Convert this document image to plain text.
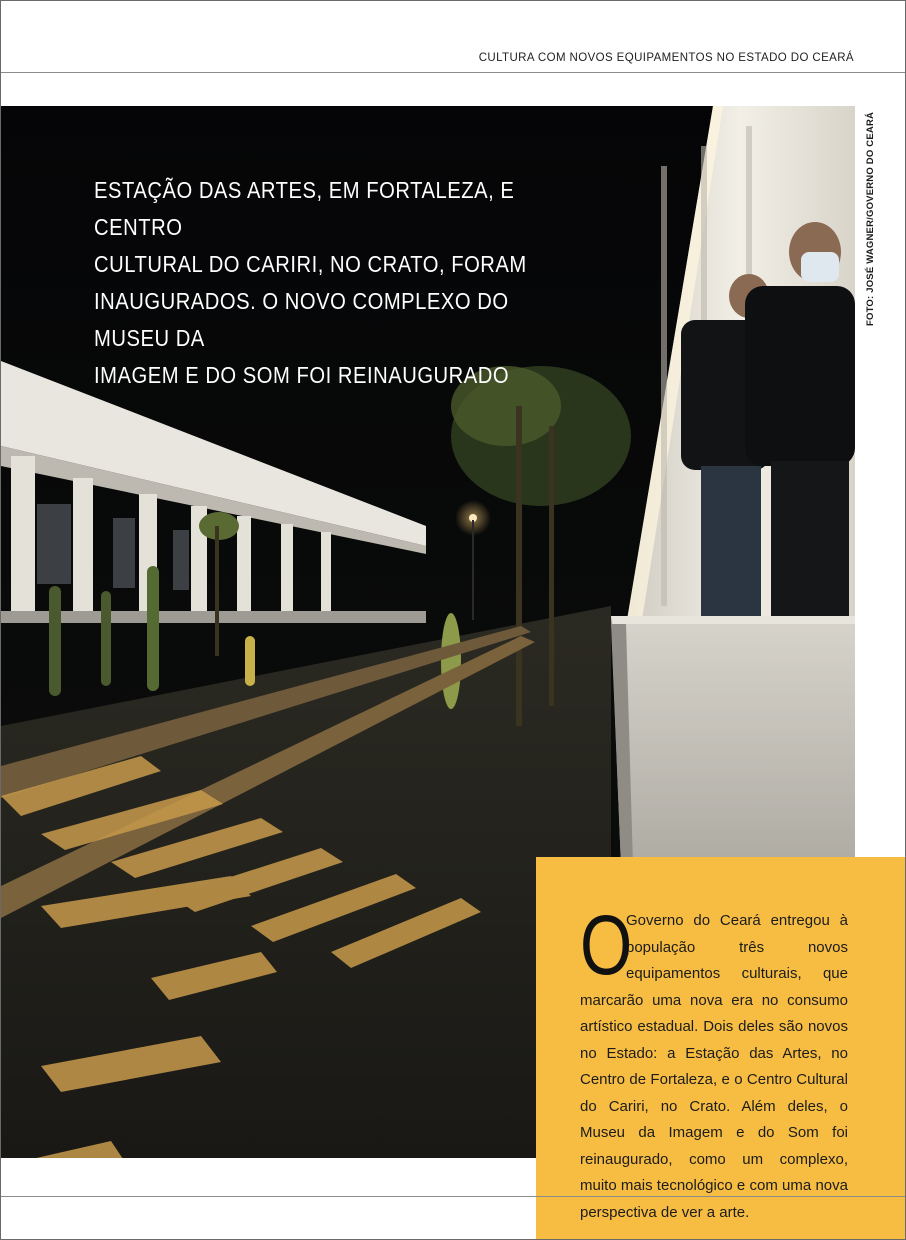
CULTURA COM NOVOS EQUIPAMENTOS NO ESTADO DO CEARÁ
FOTO: JOSÉ WAGNER/GOVERNO DO CEARÁ
ESTAÇÃO DAS ARTES, EM FORTALEZA, E CENTRO
CULTURAL DO CARIRI, NO CRATO, FORAM
INAUGURADOS. O NOVO COMPLEXO DO MUSEU DA
IMAGEM E DO SOM FOI REINAUGURADO
O
Governo do Ceará entregou à população três novos equipamentos culturais, que marcarão uma nova era no consumo artístico estadual. Dois deles são novos no Estado: a Estação das Artes, no Centro de Fortaleza, e o Centro Cultural do Cariri, no Crato. Além deles, o Museu da Imagem e do Som foi reinaugurado, como um complexo, muito mais tecnológico e com uma nova perspectiva de ver a arte.
